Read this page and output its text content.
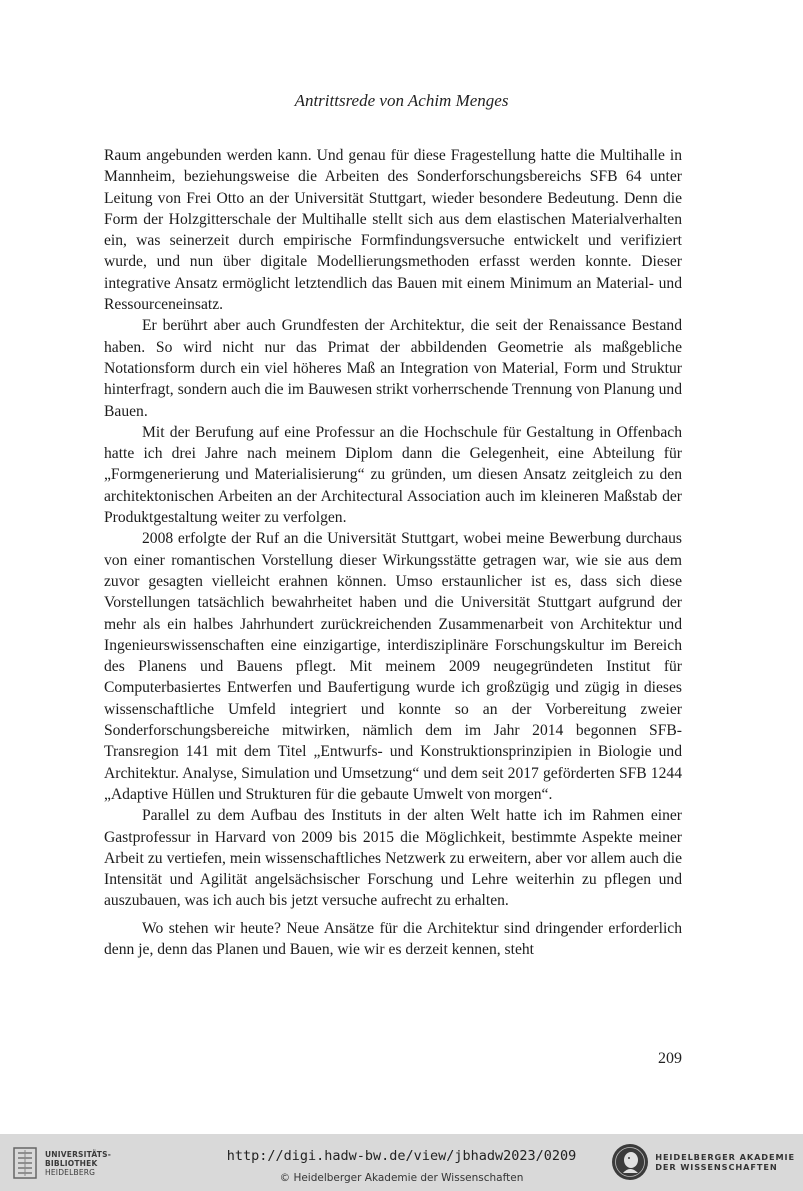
Antrittsrede von Achim Menges

Raum angebunden werden kann. Und genau für diese Fragestellung hatte die Multihalle in Mannheim, beziehungsweise die Arbeiten des Sonderforschungsbereichs SFB 64 unter Leitung von Frei Otto an der Universität Stuttgart, wieder besondere Bedeutung. Denn die Form der Holzgitterschale der Multihalle stellt sich aus dem elastischen Materialverhalten ein, was seinerzeit durch empirische Formfindungsversuche entwickelt und verifiziert wurde, und nun über digitale Modellierungsmethoden erfasst werden konnte. Dieser integrative Ansatz ermöglicht letztendlich das Bauen mit einem Minimum an Material- und Ressourceneinsatz.

Er berührt aber auch Grundfesten der Architektur, die seit der Renaissance Bestand haben. So wird nicht nur das Primat der abbildenden Geometrie als maßgebliche Notationsform durch ein viel höheres Maß an Integration von Material, Form und Struktur hinterfragt, sondern auch die im Bauwesen strikt vorherrschende Trennung von Planung und Bauen.

Mit der Berufung auf eine Professur an die Hochschule für Gestaltung in Offenbach hatte ich drei Jahre nach meinem Diplom dann die Gelegenheit, eine Abteilung für „Formgenerierung und Materialisierung“ zu gründen, um diesen Ansatz zeitgleich zu den architektonischen Arbeiten an der Architectural Association auch im kleineren Maßstab der Produktgestaltung weiter zu verfolgen.

2008 erfolgte der Ruf an die Universität Stuttgart, wobei meine Bewerbung durchaus von einer romantischen Vorstellung dieser Wirkungsstätte getragen war, wie sie aus dem zuvor gesagten vielleicht erahnen können. Umso erstaunlicher ist es, dass sich diese Vorstellungen tatsächlich bewahrheitet haben und die Universität Stuttgart aufgrund der mehr als ein halbes Jahrhundert zurückreichenden Zusammenarbeit von Architektur und Ingenieurswissenschaften eine einzigartige, interdisziplinäre Forschungskultur im Bereich des Planens und Bauens pflegt. Mit meinem 2009 neugegründeten Institut für Computerbasiertes Entwerfen und Baufertigung wurde ich großzügig und zügig in dieses wissenschaftliche Umfeld integriert und konnte so an der Vorbereitung zweier Sonderforschungsbereiche mitwirken, nämlich dem im Jahr 2014 begonnen SFB-Transregion 141 mit dem Titel „Entwurfs- und Konstruktionsprinzipien in Biologie und Architektur. Analyse, Simulation und Umsetzung“ und dem seit 2017 geförderten SFB 1244 „Adaptive Hüllen und Strukturen für die gebaute Umwelt von morgen“.

Parallel zu dem Aufbau des Instituts in der alten Welt hatte ich im Rahmen einer Gastprofessur in Harvard von 2009 bis 2015 die Möglichkeit, bestimmte Aspekte meiner Arbeit zu vertiefen, mein wissenschaftliches Netzwerk zu erweitern, aber vor allem auch die Intensität und Agilität angelsächsischer Forschung und Lehre weiterhin zu pflegen und auszubauen, was ich auch bis jetzt versuche aufrecht zu erhalten.

Wo stehen wir heute? Neue Ansätze für die Architektur sind dringender erforderlich denn je, denn das Planen und Bauen, wie wir es derzeit kennen, steht

209
UNIVERSITÄTS-
BIBLIOTHEK
HEIDELBERG
http://digi.hadw-bw.de/view/jbhadw2023/0209
© Heidelberger Akademie der Wissenschaften
HEIDELBERGER AKADEMIE
DER WISSENSCHAFTEN
